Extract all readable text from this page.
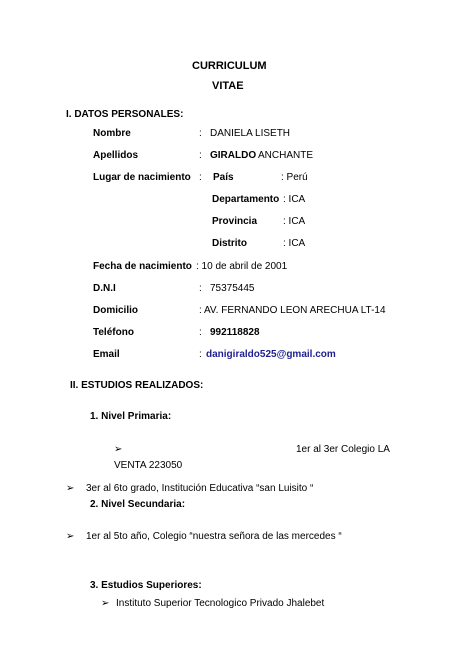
CURRICULUM
VITAE
I. DATOS PERSONALES:
Nombre	: DANIELA LISETH
Apellidos	: GIRALDO ANCHANTE
Lugar de nacimiento : País	: Perú
Departamento : ICA
Provincia	: ICA
Distrito	: ICA
Fecha de nacimiento : 10 de abril de 2001
D.N.I	: 75375445
Domicilio	: AV. FERNANDO LEON ARECHUA LT-14
Teléfono	: 992118828
Email	: danigiraldo525@gmail.com
II. ESTUDIOS REALIZADOS:
1. Nivel Primaria:
➢	1er al 3er Colegio LA
VENTA 223050
➢ 3er al 6to grado, Institución Educativa “san Luisito “
2. Nivel Secundaria:
➢ 1er al 5to año, Colegio “nuestra señora de las mercedes “
3. Estudios Superiores:
➢ Instituto Superior Tecnologico Privado Jhalebet
